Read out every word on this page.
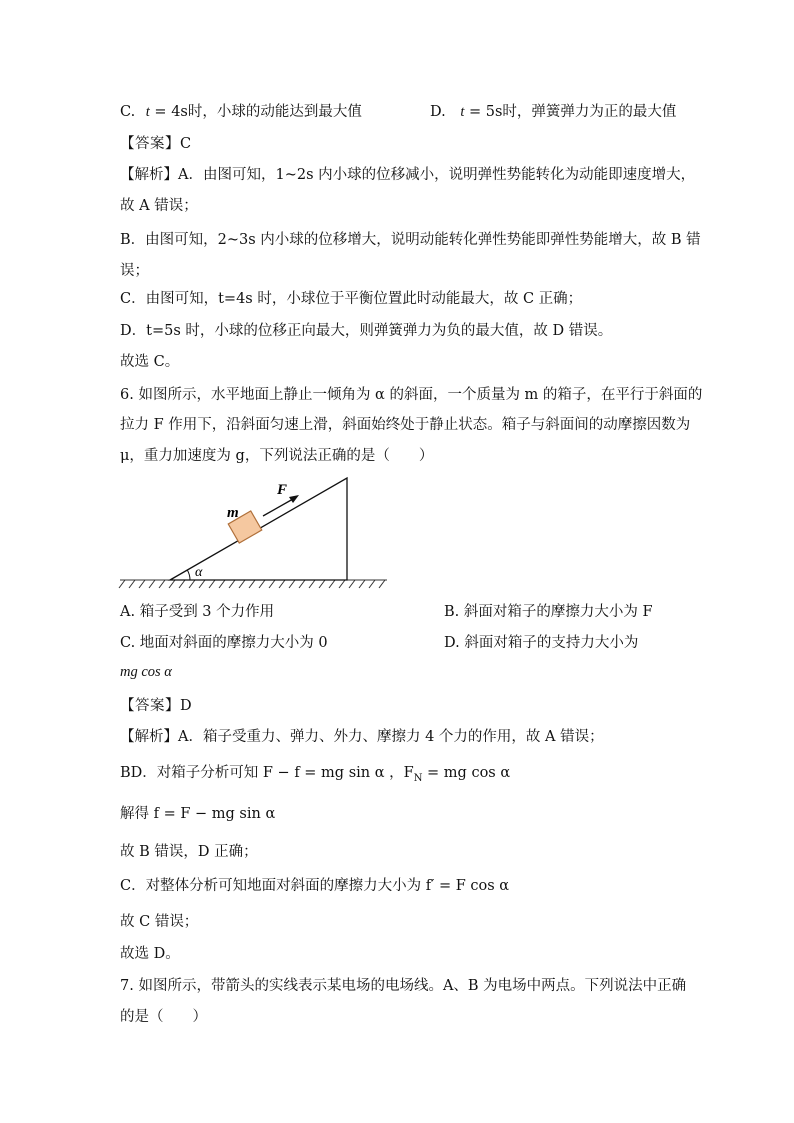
C. t = 4s时，小球的动能达到最大值	D. t = 5s时，弹簧弹力为正的最大值
【答案】C
【解析】A．由图可知，1~2s 内小球的位移减小，说明弹性势能转化为动能即速度增大，
故 A 错误；
B．由图可知，2~3s 内小球的位移增大，说明动能转化弹性势能即弹性势能增大，故 B 错
误；
C．由图可知，t=4s 时，小球位于平衡位置此时动能最大，故 C 正确；
D．t=5s 时，小球的位移正向最大，则弹簧弹力为负的最大值，故 D 错误。
故选 C。
6. 如图所示，水平地面上静止一倾角为 α 的斜面，一个质量为 m 的箱子，在平行于斜面的
拉力 F 作用下，沿斜面匀速上滑，斜面始终处于静止状态。箱子与斜面间的动摩擦因数为
μ，重力加速度为 g，下列说法正确的是（　　）
α
m
F
A. 箱子受到 3 个力作用	B. 斜面对箱子的摩擦力大小为 F
C. 地面对斜面的摩擦力大小为 0	D. 斜面对箱子的支持力大小为
mg cos α
【答案】D
【解析】A．箱子受重力、弹力、外力、摩擦力 4 个力的作用，故 A 错误；
BD．对箱子分析可知 F − f = mg sin α ，$F_N$ = mg cos α
解得 f = F − mg sin α
故 B 错误，D 正确；
C．对整体分析可知地面对斜面的摩擦力大小为 f′ = F cos α
故 C 错误；
故选 D。
7. 如图所示，带箭头的实线表示某电场的电场线。A、B 为电场中两点。下列说法中正确
的是（　　）
